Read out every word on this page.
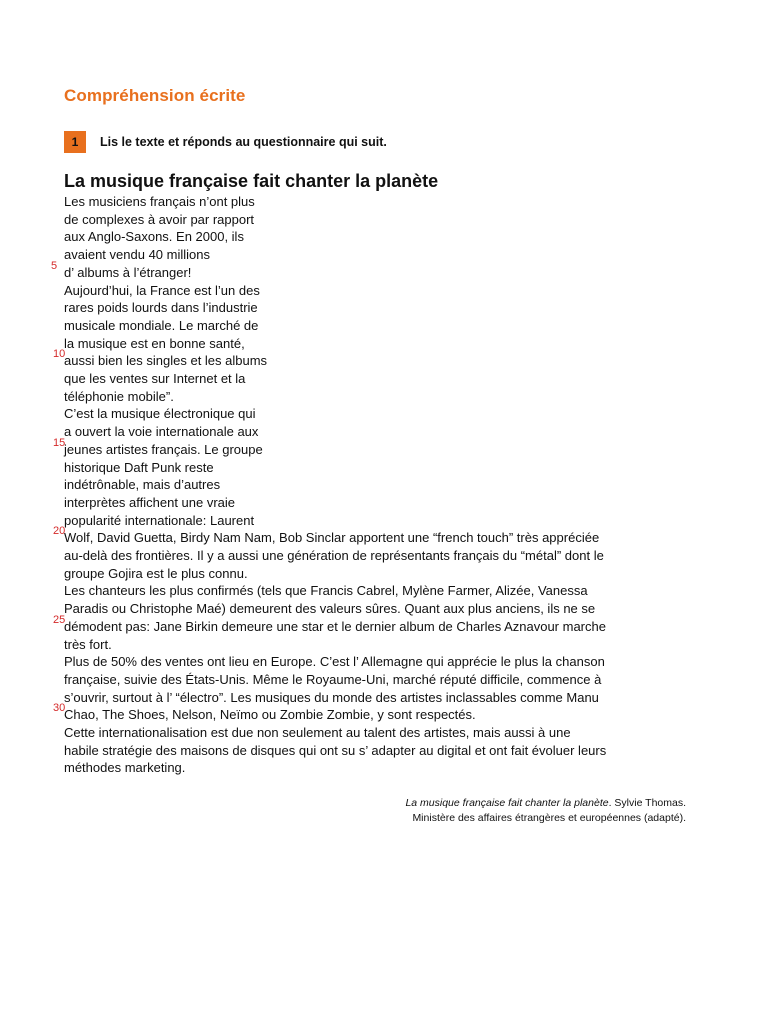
Compréhension écrite
1	Lis le texte et réponds au questionnaire qui suit.
La musique française fait chanter la planète
Les musiciens français n’ont plus
de complexes à avoir par rapport
aux Anglo-Saxons. En 2000, ils
avaient vendu 40 millions
d’ albums à l’étranger!
Aujourd’hui, la France est l’un des
rares poids lourds dans l’industrie
musicale mondiale. Le marché de
la musique est en bonne santé,
aussi bien les singles et les albums
que les ventes sur Internet et la
téléphonie mobile”.
C’est la musique électronique qui
a ouvert la voie internationale aux
jeunes artistes français. Le groupe
historique Daft Punk reste
indétrônable, mais d’autres
interprètes affichent une vraie
popularité internationale: Laurent
Wolf, David Guetta, Birdy Nam Nam, Bob Sinclar apportent une “french touch” très appréciée
au-delà des frontières. Il y a aussi une génération de représentants français du “métal” dont le
groupe Gojira est le plus connu.
Les chanteurs les plus confirmés (tels que Francis Cabrel, Mylène Farmer, Alizée, Vanessa
Paradis ou Christophe Maé) demeurent des valeurs sûres. Quant aux plus anciens, ils ne se
démodent pas: Jane Birkin demeure une star et le dernier album de Charles Aznavour marche
très fort.
Plus de 50% des ventes ont lieu en Europe. C’est l’ Allemagne qui apprécie le plus la chanson
française, suivie des États-Unis. Même le Royaume-Uni, marché réputé difficile, commence à
s’ouvrir, surtout à l’ “électro”. Les musiques du monde des artistes inclassables comme Manu
Chao, The Shoes, Nelson, Neïmo ou Zombie Zombie, y sont respectés.
Cette internationalisation est due non seulement au talent des artistes, mais aussi à une
habile stratégie des maisons de disques qui ont su s’ adapter au digital et ont fait évoluer leurs
méthodes marketing.
5
10
15
20
25
30
La musique française fait chanter la planète. Sylvie Thomas.
Ministère des affaires étrangères et européennes (adapté).
